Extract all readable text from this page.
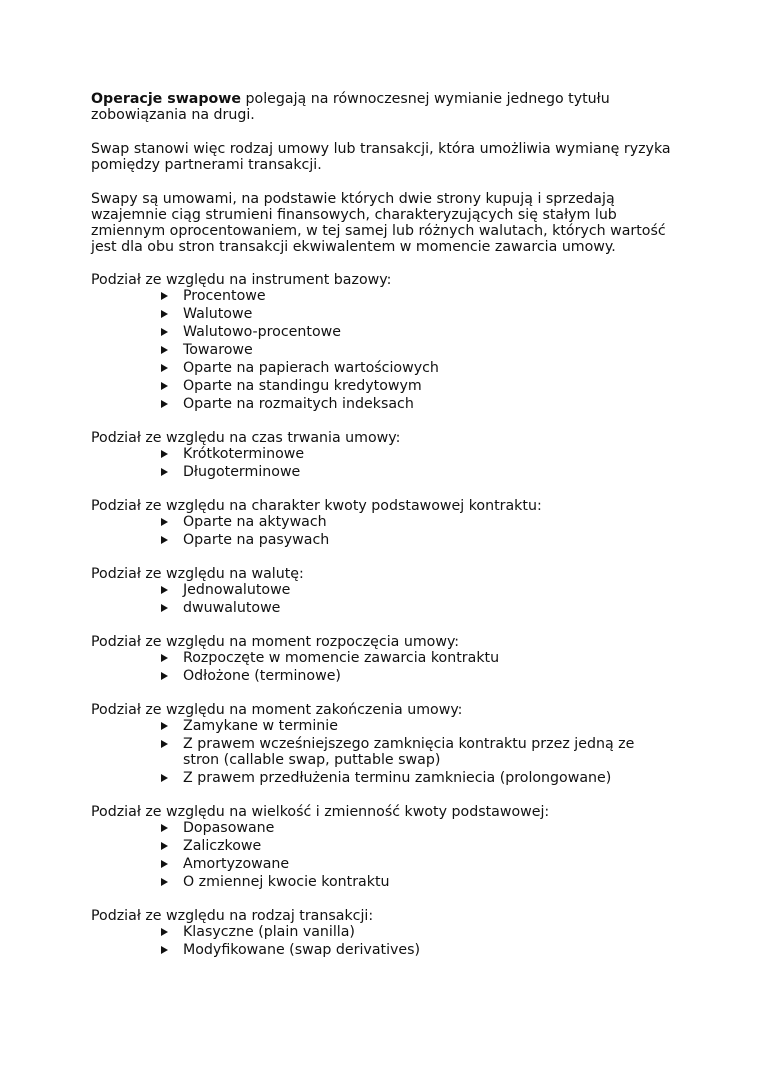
Operacje swapowe polegają na równoczesnej wymianie jednego tytułu zobowiązania na drugi.

Swap stanowi więc rodzaj umowy lub transakcji, która umożliwia wymianę ryzyka pomiędzy partnerami transakcji.

Swapy są umowami, na podstawie których dwie strony kupują i sprzedają wzajemnie ciąg strumieni finansowych, charakteryzujących się stałym lub zmiennym oprocentowaniem, w tej samej lub różnych walutach, których wartość jest dla obu stron transakcji ekwiwalentem w momencie zawarcia umowy.

Podział ze względu na instrument bazowy:
Procentowe
Walutowe
Walutowo-procentowe
Towarowe
Oparte na papierach wartościowych
Oparte na standingu kredytowym
Oparte na rozmaitych indeksach
Podział ze względu na czas trwania umowy:
Krótkoterminowe
Długoterminowe
Podział ze względu na charakter kwoty podstawowej kontraktu:
Oparte na aktywach
Oparte na pasywach
Podział ze względu na walutę:
Jednowalutowe
dwuwalutowe
Podział ze względu na moment rozpoczęcia umowy:
Rozpoczęte w momencie zawarcia kontraktu
Odłożone (terminowe)
Podział ze względu na moment zakończenia umowy:
Zamykane w terminie
Z prawem wcześniejszego zamknięcia kontraktu przez jedną ze stron (callable swap, puttable swap)
Z prawem przedłużenia terminu zamkniecia (prolongowane)
Podział ze względu na wielkość i zmienność kwoty podstawowej:
Dopasowane
Zaliczkowe
Amortyzowane
O zmiennej kwocie kontraktu
Podział ze względu na rodzaj transakcji:
Klasyczne (plain vanilla)
Modyfikowane (swap derivatives)
